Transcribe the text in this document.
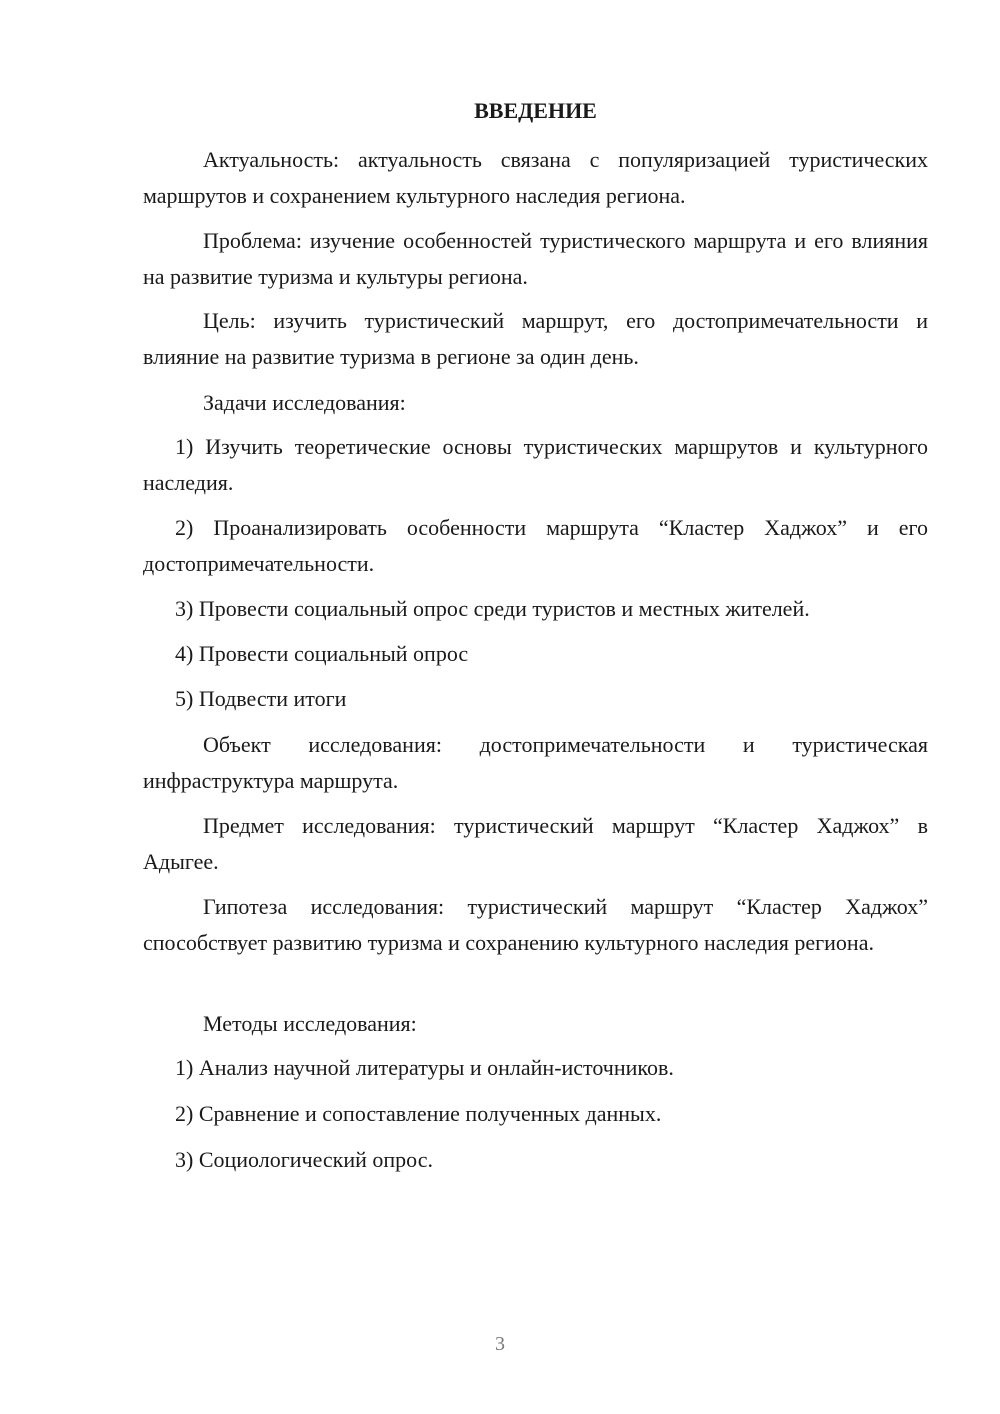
ВВЕДЕНИЕ

Актуальность: актуальность связана с популяризацией туристических маршрутов и сохранением культурного наследия региона.

Проблема: изучение особенностей туристического маршрута и его влияния на развитие туризма и культуры региона.

Цель: изучить туристический маршрут, его достопримечательности и влияние на развитие туризма в регионе за один день.

Задачи исследования:

1) Изучить теоретические основы туристических маршрутов и культурного наследия.

2) Проанализировать особенности маршрута “Кластер Хаджох” и его достопримечательности.

3) Провести социальный опрос среди туристов и местных жителей.

4) Провести социальный опрос

5) Подвести итоги

Объект исследования: достопримечательности и туристическая инфраструктура маршрута.

Предмет исследования: туристический маршрут “Кластер Хаджох” в Адыгее.

Гипотеза исследования: туристический маршрут “Кластер Хаджох” способствует развитию туризма и сохранению культурного наследия региона.

Методы исследования:

1) Анализ научной литературы и онлайн-источников.

2) Сравнение и сопоставление полученных данных.

3) Социологический опрос.

3
